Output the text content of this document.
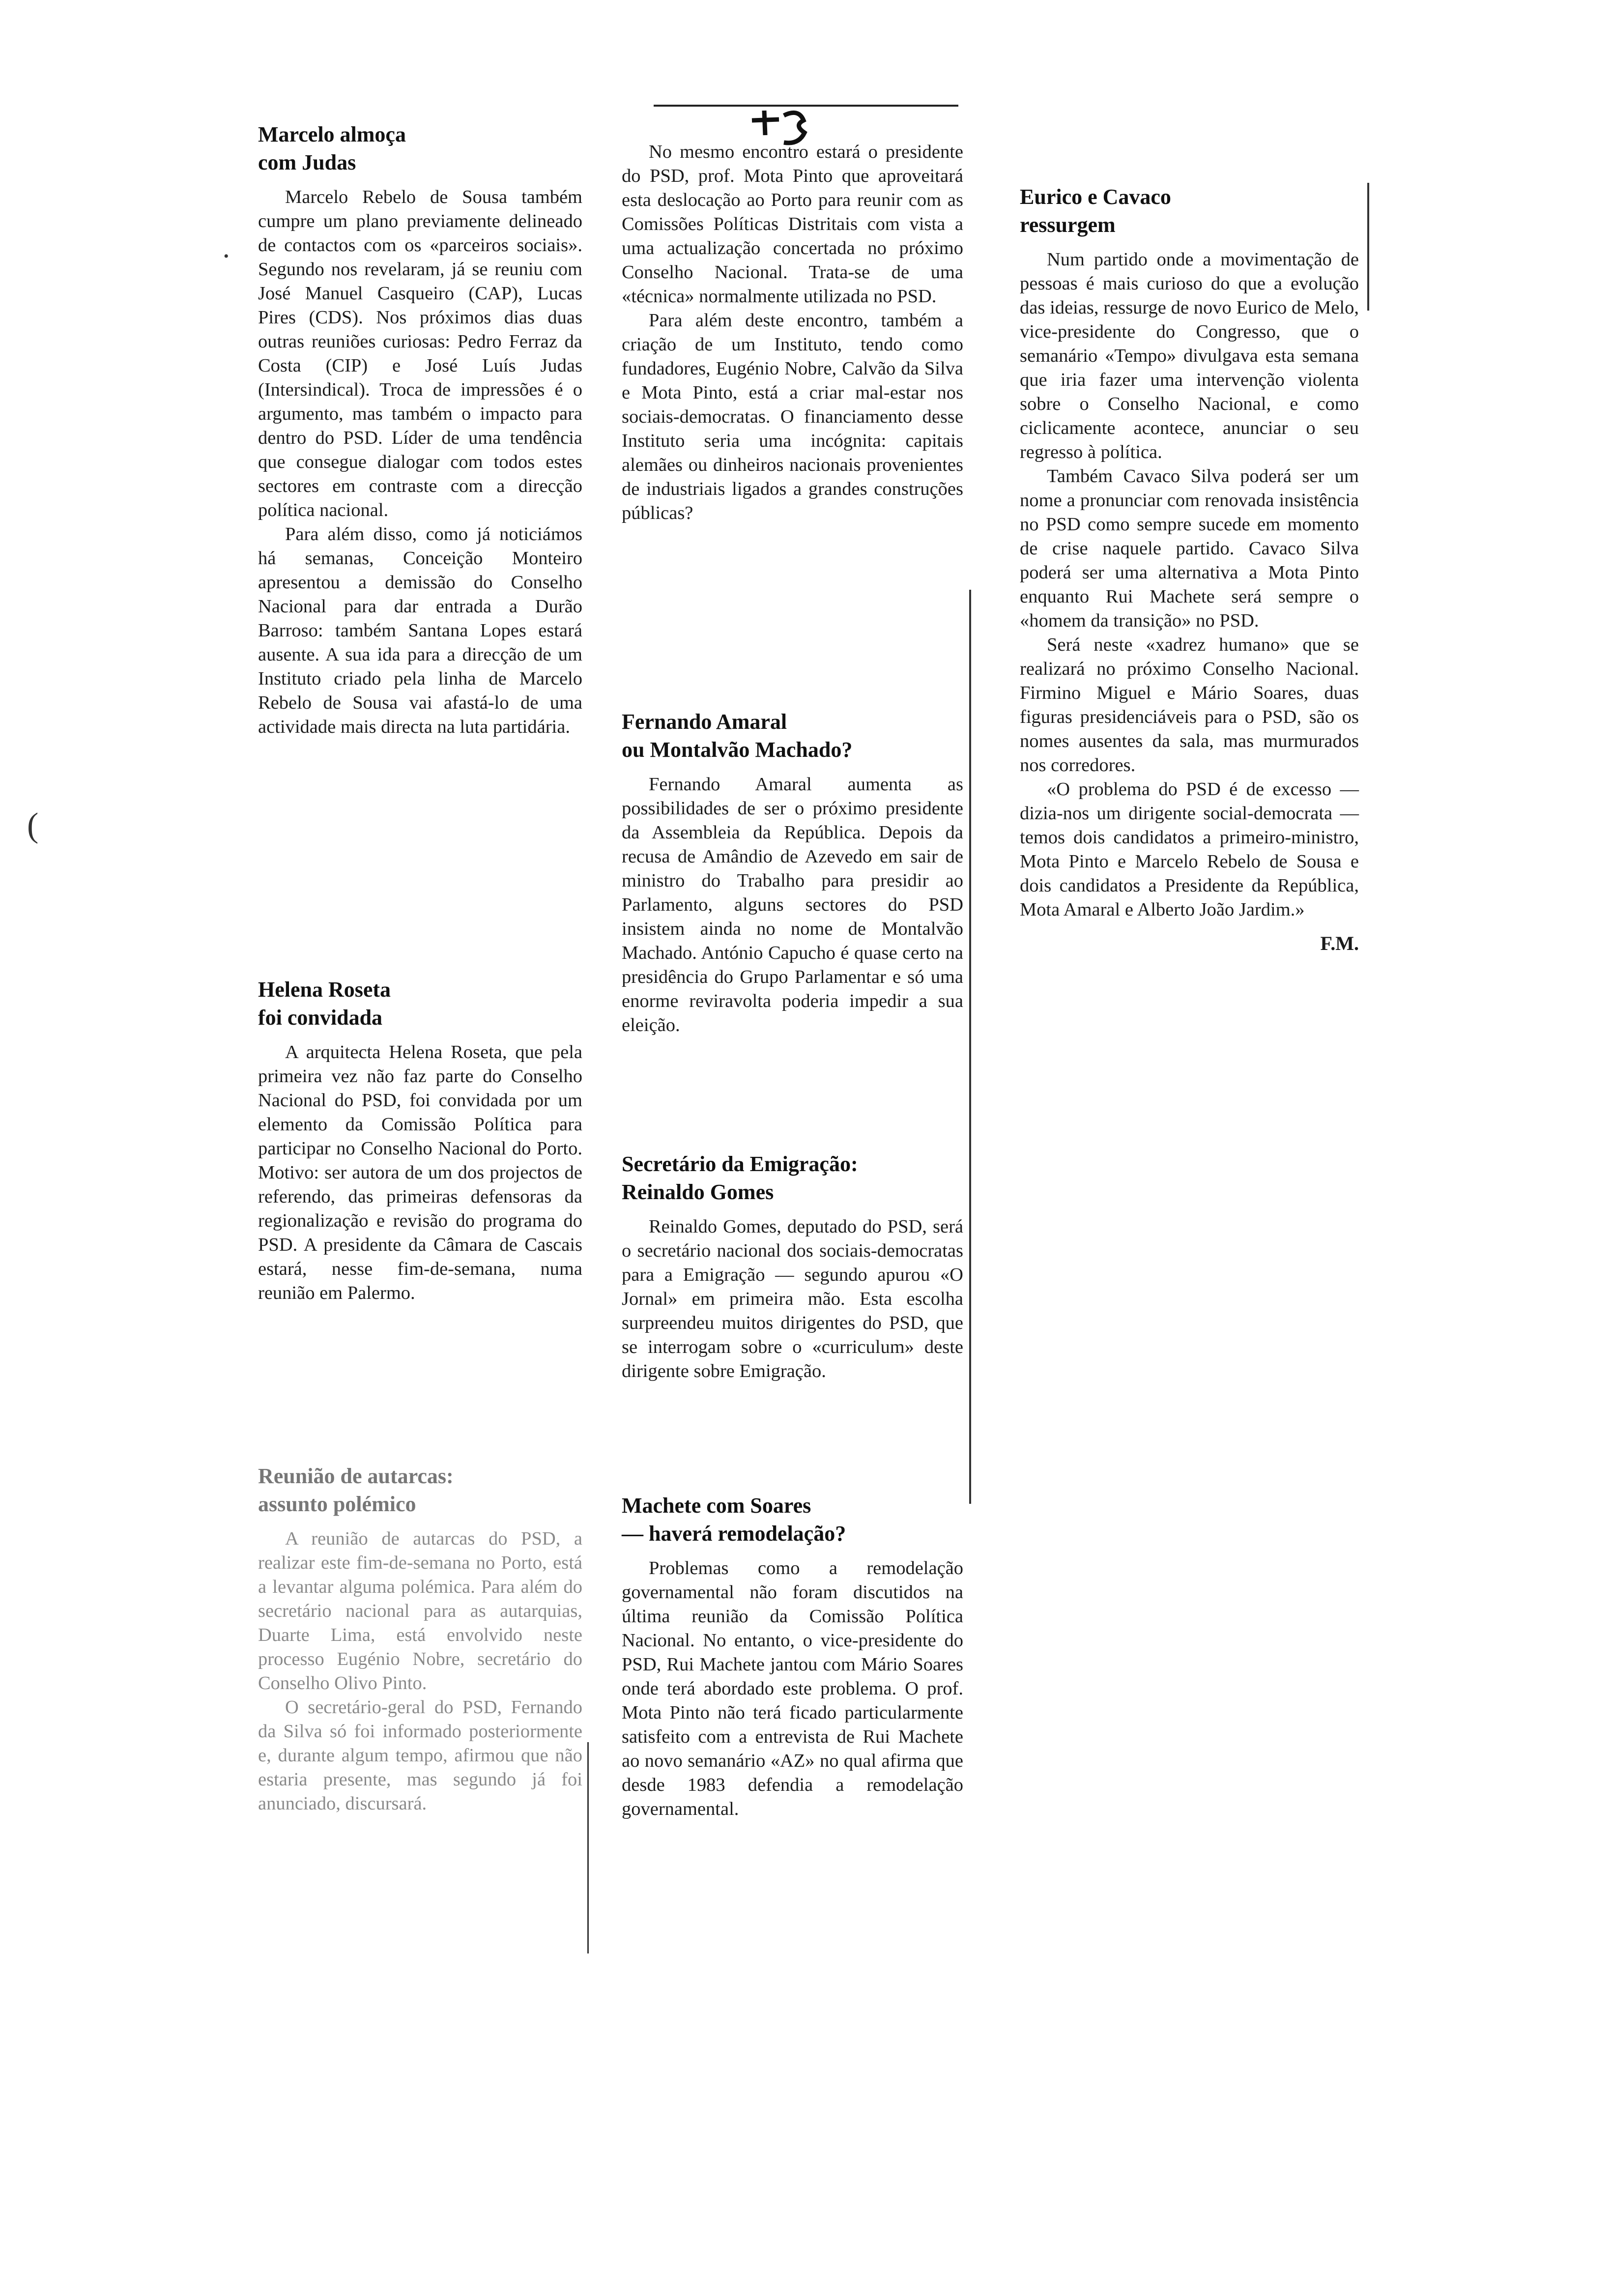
•
(
Marcelo almoça
com Judas

Marcelo Rebelo de Sousa também cumpre um plano previamente delineado de contactos com os «parceiros sociais». Segundo nos revelaram, já se reuniu com José Manuel Casqueiro (CAP), Lucas Pires (CDS). Nos próximos dias duas outras reuniões curiosas: Pedro Ferraz da Costa (CIP) e José Luís Judas (Intersindical). Troca de impressões é o argumento, mas também o impacto para dentro do PSD. Líder de uma tendência que consegue dialogar com todos estes sectores em contraste com a direcção política nacional.

Para além disso, como já noticiámos há semanas, Conceição Monteiro apresentou a demissão do Conselho Nacional para dar entrada a Durão Barroso: também Santana Lopes estará ausente. A sua ida para a direcção de um Instituto criado pela linha de Marcelo Rebelo de Sousa vai afastá-lo de uma actividade mais directa na luta partidária.

Helena Roseta
foi convidada

A arquitecta Helena Roseta, que pela primeira vez não faz parte do Conselho Nacional do PSD, foi convidada por um elemento da Comissão Política para participar no Conselho Nacional do Porto. Motivo: ser autora de um dos projectos de referendo, das primeiras defensoras da regionalização e revisão do programa do PSD. A presidente da Câmara de Cascais estará, nesse fim-de-semana, numa reunião em Palermo.

Reunião de autarcas:
assunto polémico

A reunião de autarcas do PSD, a realizar este fim-de-semana no Porto, está a levantar alguma polémica. Para além do secretário nacional para as autarquias, Duarte Lima, está envolvido neste processo Eugénio Nobre, secretário do Conselho Olivo Pinto.

O secretário-geral do PSD, Fernando da Silva só foi informado posteriormente e, durante algum tempo, afirmou que não estaria presente, mas segundo já foi anunciado, discursará.

No mesmo encontro estará o presidente do PSD, prof. Mota Pinto que aproveitará esta deslocação ao Porto para reunir com as Comissões Políticas Distritais com vista a uma actualização concertada no próximo Conselho Nacional. Trata-se de uma «técnica» normalmente utilizada no PSD.

Para além deste encontro, também a criação de um Instituto, tendo como fundadores, Eugénio Nobre, Calvão da Silva e Mota Pinto, está a criar mal-estar nos sociais-democratas. O financiamento desse Instituto seria uma incógnita: capitais alemães ou dinheiros nacionais provenientes de industriais ligados a grandes construções públicas?

Fernando Amaral
ou Montalvão Machado?

Fernando Amaral aumenta as possibilidades de ser o próximo presidente da Assembleia da República. Depois da recusa de Amândio de Azevedo em sair de ministro do Trabalho para presidir ao Parlamento, alguns sectores do PSD insistem ainda no nome de Montalvão Machado. António Capucho é quase certo na presidência do Grupo Parlamentar e só uma enorme reviravolta poderia impedir a sua eleição.

Secretário da Emigração:
Reinaldo Gomes

Reinaldo Gomes, deputado do PSD, será o secretário nacional dos sociais-democratas para a Emigração — segundo apurou «O Jornal» em primeira mão. Esta escolha surpreendeu muitos dirigentes do PSD, que se interrogam sobre o «curriculum» deste dirigente sobre Emigração.

Machete com Soares
— haverá remodelação?

Problemas como a remodelação governamental não foram discutidos na última reunião da Comissão Política Nacional. No entanto, o vice-presidente do PSD, Rui Machete jantou com Mário Soares onde terá abordado este problema. O prof. Mota Pinto não terá ficado particularmente satisfeito com a entrevista de Rui Machete ao novo semanário «AZ» no qual afirma que desde 1983 defendia a remodelação governamental.

Eurico e Cavaco
ressurgem

Num partido onde a movimentação de pessoas é mais curioso do que a evolução das ideias, ressurge de novo Eurico de Melo, vice-presidente do Congresso, que o semanário «Tempo» divulgava esta semana que iria fazer uma intervenção violenta sobre o Conselho Nacional, e como ciclicamente acontece, anunciar o seu regresso à política.

Também Cavaco Silva poderá ser um nome a pronunciar com renovada insistência no PSD como sempre sucede em momento de crise naquele partido. Cavaco Silva poderá ser uma alternativa a Mota Pinto enquanto Rui Machete será sempre o «homem da transição» no PSD.

Será neste «xadrez humano» que se realizará no próximo Conselho Nacional. Firmino Miguel e Mário Soares, duas figuras presidenciáveis para o PSD, são os nomes ausentes da sala, mas murmurados nos corredores.

«O problema do PSD é de excesso — dizia-nos um dirigente social-democrata — temos dois candidatos a primeiro-ministro, Mota Pinto e Marcelo Rebelo de Sousa e dois candidatos a Presidente da República, Mota Amaral e Alberto João Jardim.»

F.M.
